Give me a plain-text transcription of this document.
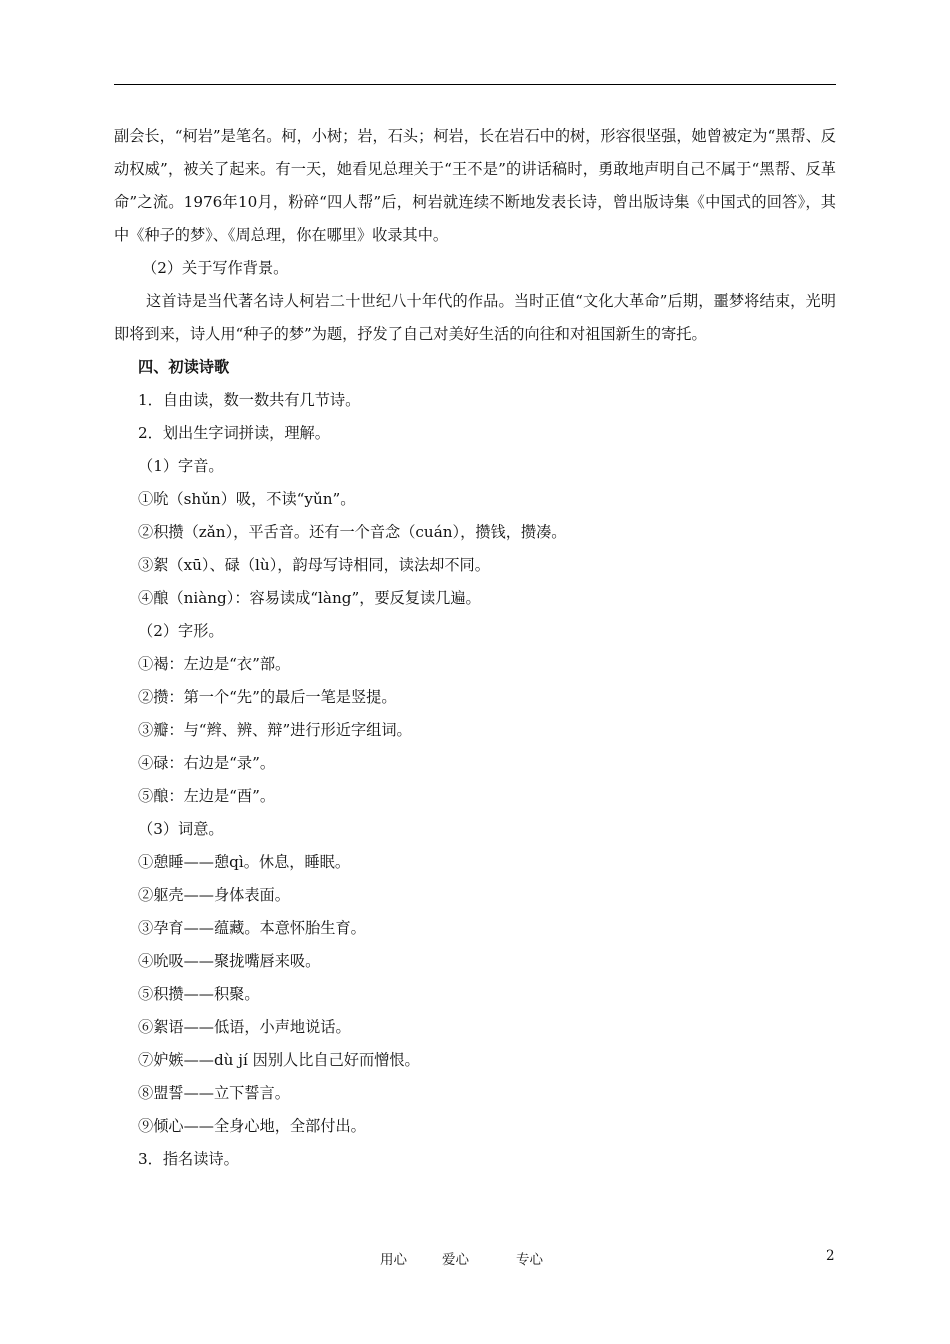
副会长，“柯岩”是笔名。柯，小树；岩，石头；柯岩，长在岩石中的树，形容很坚强，她曾被定为“黑帮、反动权威”，被关了起来。有一天，她看见总理关于“王不是”的讲话稿时，勇敢地声明自己不属于“黑帮、反革命”之流。1976年10月，粉碎“四人帮”后，柯岩就连续不断地发表长诗，曾出版诗集《中国式的回答》，其中《种子的梦》、《周总理，你在哪里》收录其中。

（2）关于写作背景。

这首诗是当代著名诗人柯岩二十世纪八十年代的作品。当时正值“文化大革命”后期，噩梦将结束，光明即将到来，诗人用“种子的梦”为题，抒发了自己对美好生活的向往和对祖国新生的寄托。

四、初读诗歌
1．自由读，数一数共有几节诗。
2．划出生字词拼读，理解。
（1）字音。
①吮（shǔn）吸，不读“yǔn”。
②积攒（zǎn），平舌音。还有一个音念（cuán），攒钱，攒凑。
③絮（xū）、碌（lù），韵母写诗相同，读法却不同。
④酿（niàng）：容易读成“làng”，要反复读几遍。
（2）字形。
①褐：左边是“衣”部。
②攒：第一个“先”的最后一笔是竖提。
③瓣：与“辫、辨、辩”进行形近字组词。
④碌：右边是“录”。
⑤酿：左边是“酉”。
（3）词意。
①憩睡——憩qì。休息，睡眠。
②躯壳——身体表面。
③孕育——蕴藏。本意怀胎生育。
④吮吸——聚拢嘴唇来吸。
⑤积攒——积聚。
⑥絮语——低语，小声地说话。
⑦妒嫉——dù jí 因别人比自己好而憎恨。
⑧盟誓——立下誓言。
⑨倾心——全身心地，全部付出。
3．指名读诗。
用心	爱心	专心	2
